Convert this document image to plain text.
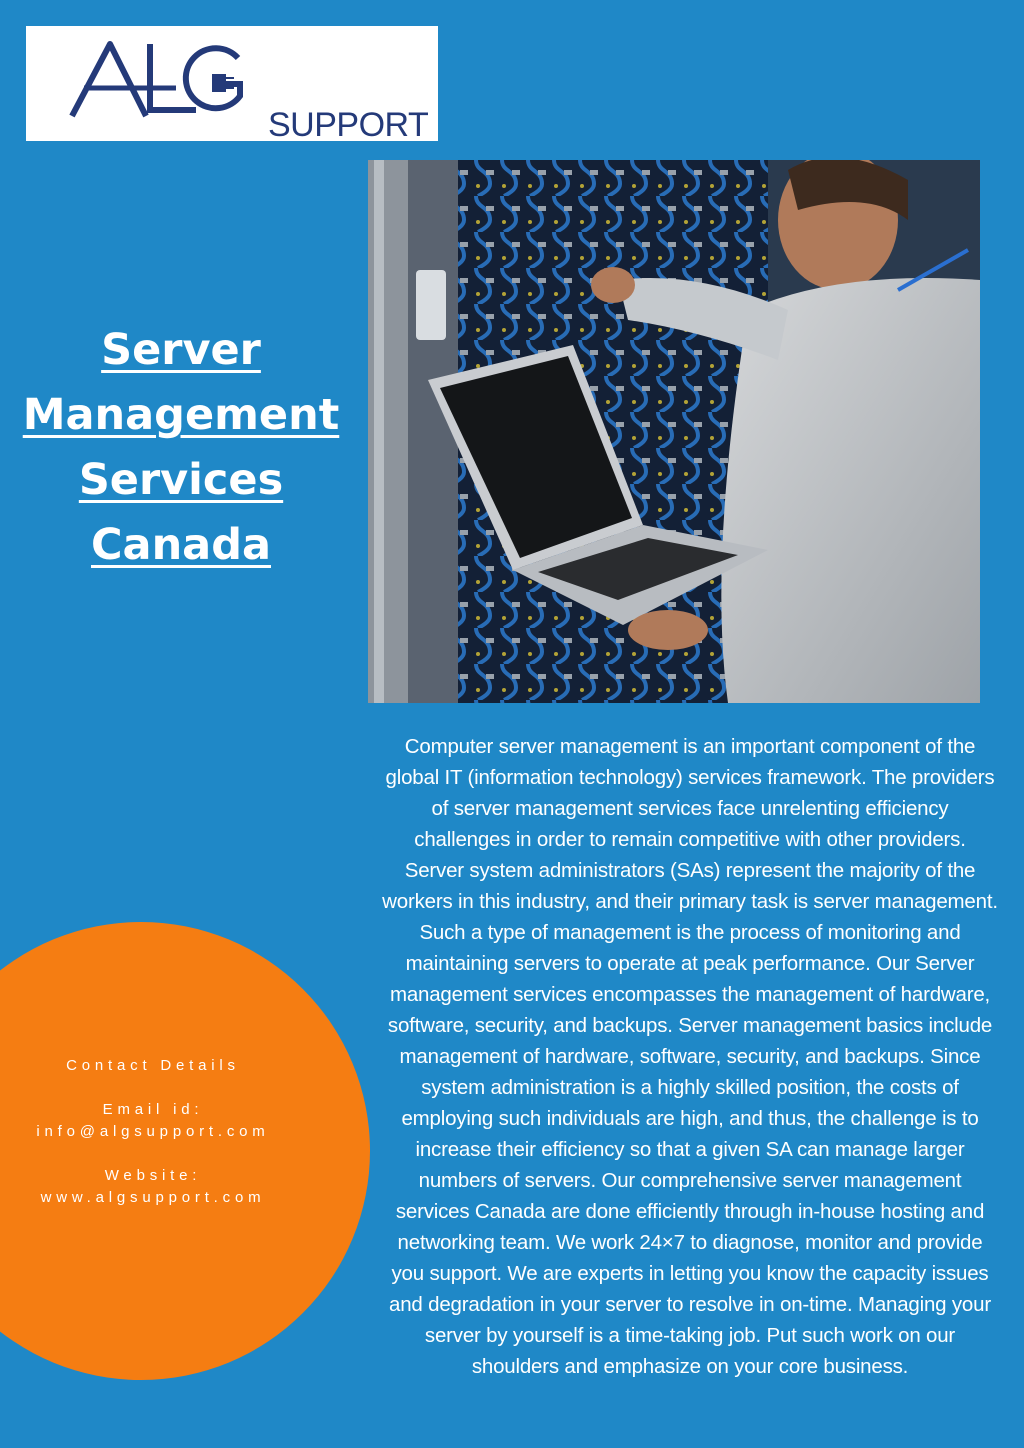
SUPPORT
Server
Management
Services
Canada
Computer server management is an important component of the global IT (information technology) services framework. The providers of server management services face unrelenting efficiency challenges in order to remain competitive with other providers. Server system administrators (SAs) represent the majority of the workers in this industry, and their primary task is server management. Such a type of management is the process of monitoring and maintaining servers to operate at peak performance. Our Server management services encompasses the management of hardware, software, security, and backups. Server management basics include management of hardware, software, security, and backups. Since system administration is a highly skilled position, the costs of employing such individuals are high, and thus, the challenge is to increase their efficiency so that a given SA can manage larger numbers of servers. Our comprehensive server management services Canada are done efficiently through in-house hosting and networking team. We work 24×7 to diagnose, monitor and provide you support. We are experts in letting you know the capacity issues and degradation in your server to resolve in on-time. Managing your server by yourself is a time-taking job. Put such work on our shoulders and emphasize on your core business.
Contact Details
Email id:
info@algsupport.com
Website:
www.algsupport.com
